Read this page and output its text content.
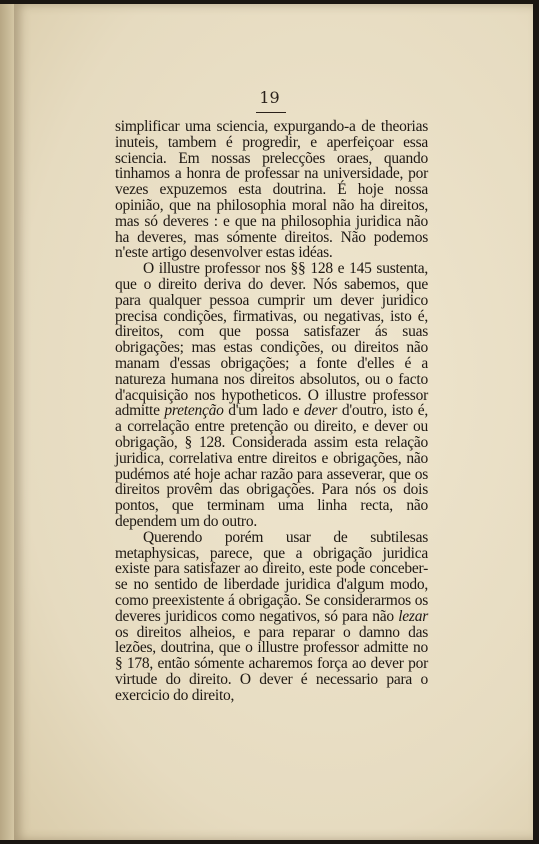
19

simplificar uma sciencia, expurgando-a de theorias inuteis, tambem é progredir, e aperfeiçoar essa sciencia. Em nossas prelecções oraes, quando tinhamos a honra de professar na universidade, por vezes expuzemos esta doutrina. É hoje nossa opinião, que na philosophia moral não ha direitos, mas só deveres : e que na philosophia juridica não ha deveres, mas sómente direitos. Não podemos n'este artigo desenvolver estas idéas.

O illustre professor nos §§ 128 e 145 sustenta, que o direito deriva do dever. Nós sabemos, que para qualquer pessoa cumprir um dever juridico precisa condições, firmativas, ou negativas, isto é, direitos, com que possa satisfazer ás suas obrigações; mas estas condições, ou direitos não manam d'essas obrigações; a fonte d'elles é a natureza humana nos direitos absolutos, ou o facto d'acquisição nos hypotheticos. O illustre professor admitte pretenção d'um lado e dever d'outro, isto é, a correlação entre pretenção ou direito, e dever ou obrigação, § 128. Considerada assim esta relação juridica, correlativa entre direitos e obrigações, não pudémos até hoje achar razão para asseverar, que os direitos provêm das obrigações. Para nós os dois pontos, que terminam uma linha recta, não dependem um do outro.

Querendo porém usar de subtilesas metaphysicas, parece, que a obrigação juridica existe para satisfazer ao direito, este pode conceber-se no sentido de liberdade juridica d'algum modo, como preexistente á obrigação. Se considerarmos os deveres juridicos como negativos, só para não lezar os direitos alheios, e para reparar o damno das lezões, doutrina, que o illustre professor admitte no § 178, então sómente acharemos força ao dever por virtude do direito. O dever é necessario para o exercicio do direito,
